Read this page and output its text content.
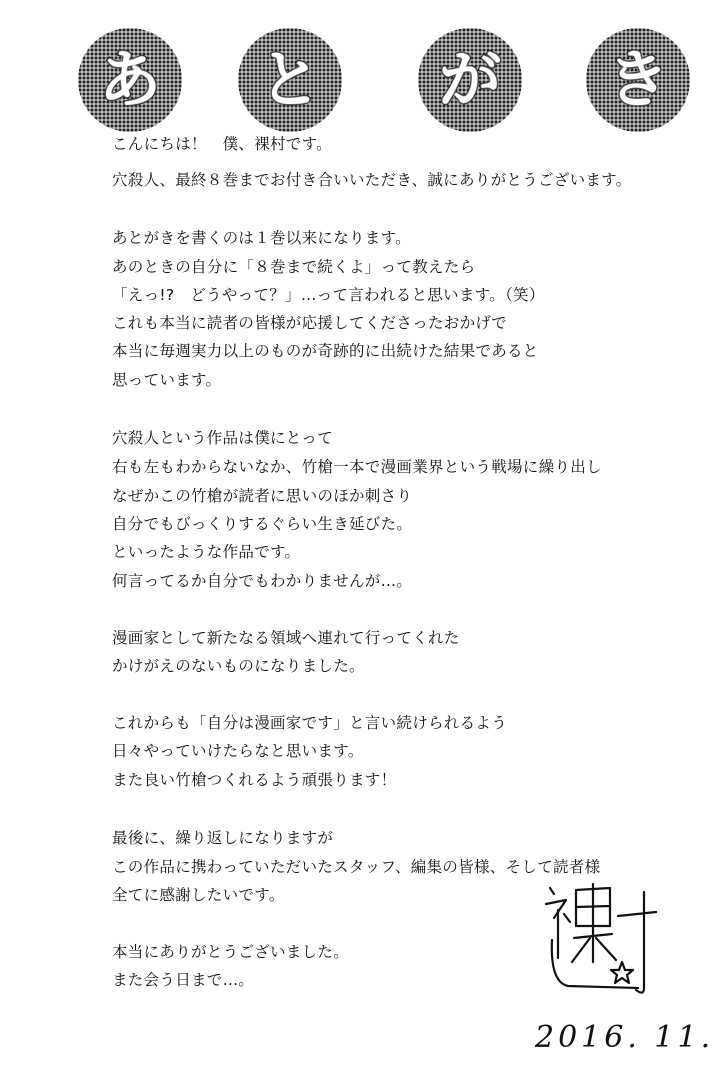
あ と が き
こんにちは！　僕、裸村です。
穴殺人、最終８巻までお付き合いいただき、誠にありがとうございます。
あとがきを書くのは１巻以来になります。
あのときの自分に「８巻まで続くよ」って教えたら
「えっ!?　どうやって？」…って言われると思います。（笑）
これも本当に読者の皆様が応援してくださったおかげで
本当に毎週実力以上のものが奇跡的に出続けた結果であると
思っています。
穴殺人という作品は僕にとって
右も左もわからないなか、竹槍一本で漫画業界という戦場に繰り出し
なぜかこの竹槍が読者に思いのほか刺さり
自分でもびっくりするぐらい生き延びた。
といったような作品です。
何言ってるか自分でもわかりませんが…。
漫画家として新たなる領域へ連れて行ってくれた
かけがえのないものになりました。
これからも「自分は漫画家です」と言い続けられるよう
日々やっていけたらなと思います。
また良い竹槍つくれるよう頑張ります！
最後に、繰り返しになりますが
この作品に携わっていただいたスタッフ、編集の皆様、そして読者様
全てに感謝したいです。
本当にありがとうございました。
また会う日まで…。
2016. 11.
